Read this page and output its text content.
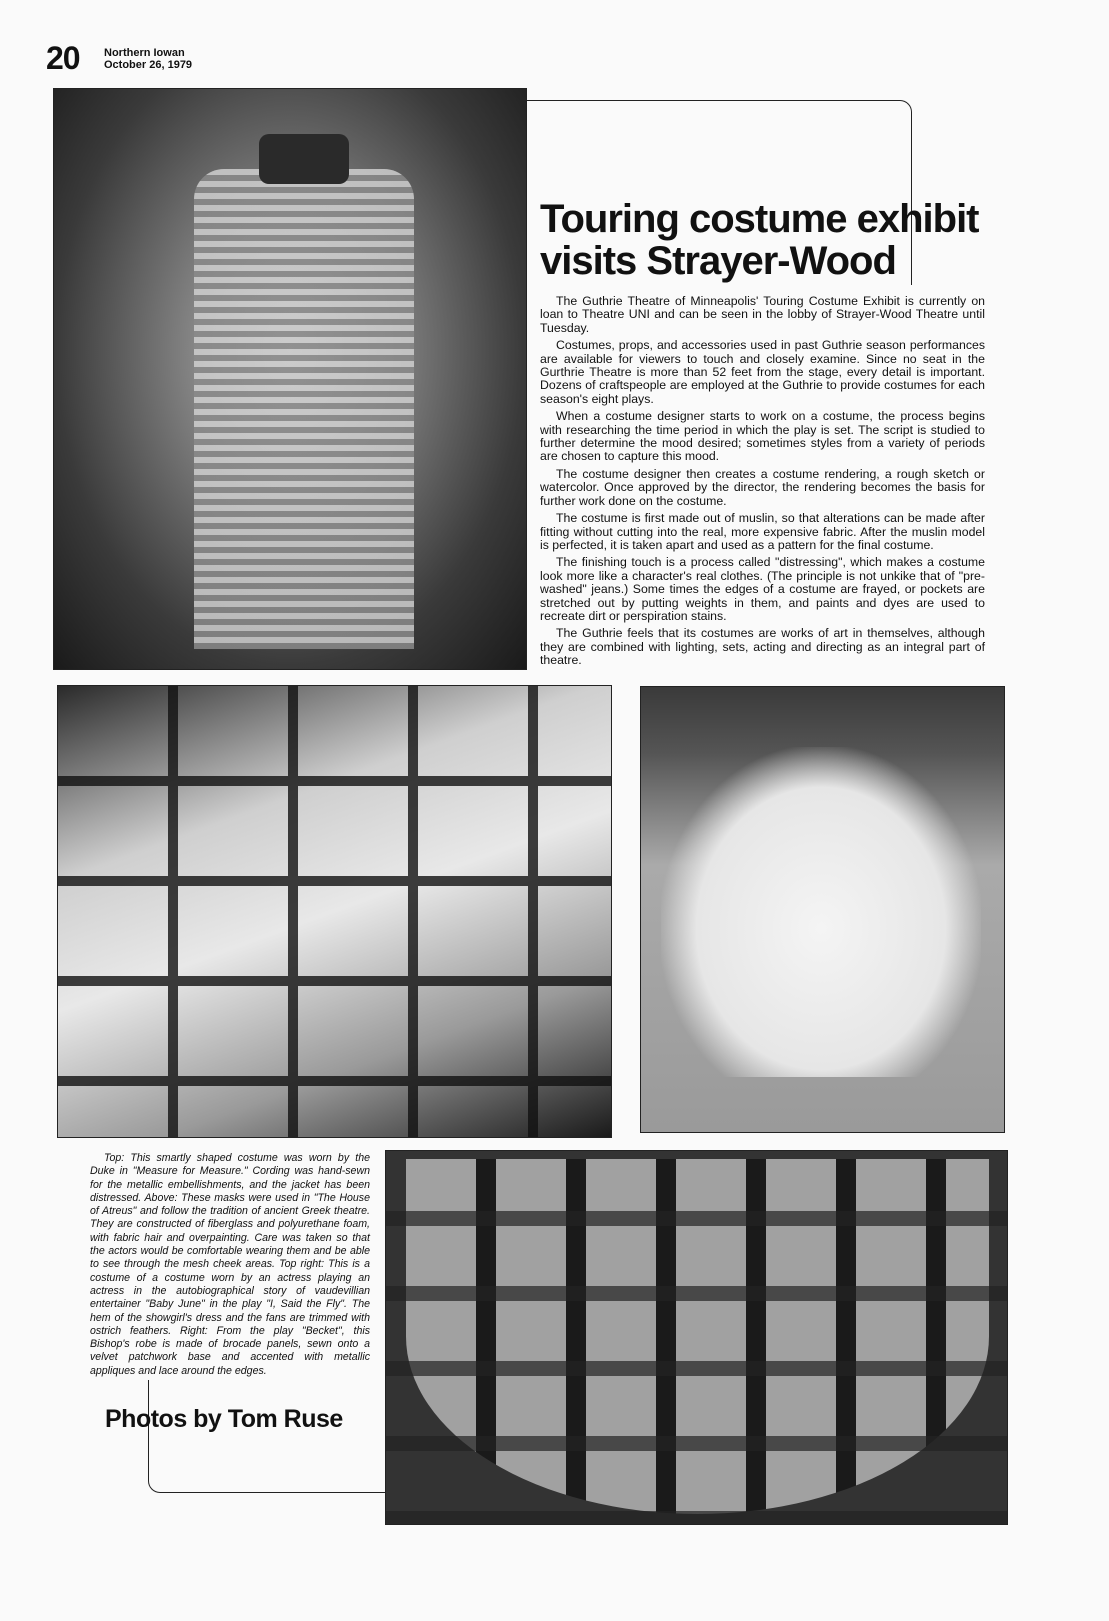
20 Northern Iowan
October 26, 1979
Touring costume exhibit visits Strayer-Wood

The Guthrie Theatre of Minneapolis' Touring Costume Exhibit is currently on loan to Theatre UNI and can be seen in the lobby of Strayer-Wood Theatre until Tuesday.

Costumes, props, and accessories used in past Guthrie season performances are available for viewers to touch and closely examine. Since no seat in the Gurthrie Theatre is more than 52 feet from the stage, every detail is important. Dozens of craftspeople are employed at the Guthrie to provide costumes for each season's eight plays.

When a costume designer starts to work on a costume, the process begins with researching the time period in which the play is set. The script is studied to further determine the mood desired; sometimes styles from a variety of periods are chosen to capture this mood.

The costume designer then creates a costume rendering, a rough sketch or watercolor. Once approved by the director, the rendering becomes the basis for further work done on the costume.

The costume is first made out of muslin, so that alterations can be made after fitting without cutting into the real, more expensive fabric. After the muslin model is perfected, it is taken apart and used as a pattern for the final costume.

The finishing touch is a process called "distressing", which makes a costume look more like a character's real clothes. (The principle is not unkike that of "pre-washed" jeans.) Some times the edges of a costume are frayed, or pockets are stretched out by putting weights in them, and paints and dyes are used to recreate dirt or perspiration stains.

The Guthrie feels that its costumes are works of art in themselves, although they are combined with lighting, sets, acting and directing as an integral part of theatre.

Top: This smartly shaped costume was worn by the Duke in "Measure for Measure." Cording was hand-sewn for the metallic embellishments, and the jacket has been distressed. Above: These masks were used in "The House of Atreus" and follow the tradition of ancient Greek theatre. They are constructed of fiberglass and polyurethane foam, with fabric hair and overpainting. Care was taken so that the actors would be comfortable wearing them and be able to see through the mesh cheek areas. Top right: This is a costume of a costume worn by an actress playing an actress in the autobiographical story of vaudevillian entertainer "Baby June" in the play "I, Said the Fly". The hem of the showgirl's dress and the fans are trimmed with ostrich feathers. Right: From the play "Becket", this Bishop's robe is made of brocade panels, sewn onto a velvet patchwork base and accented with metallic appliques and lace around the edges.

Photos by Tom Ruse
